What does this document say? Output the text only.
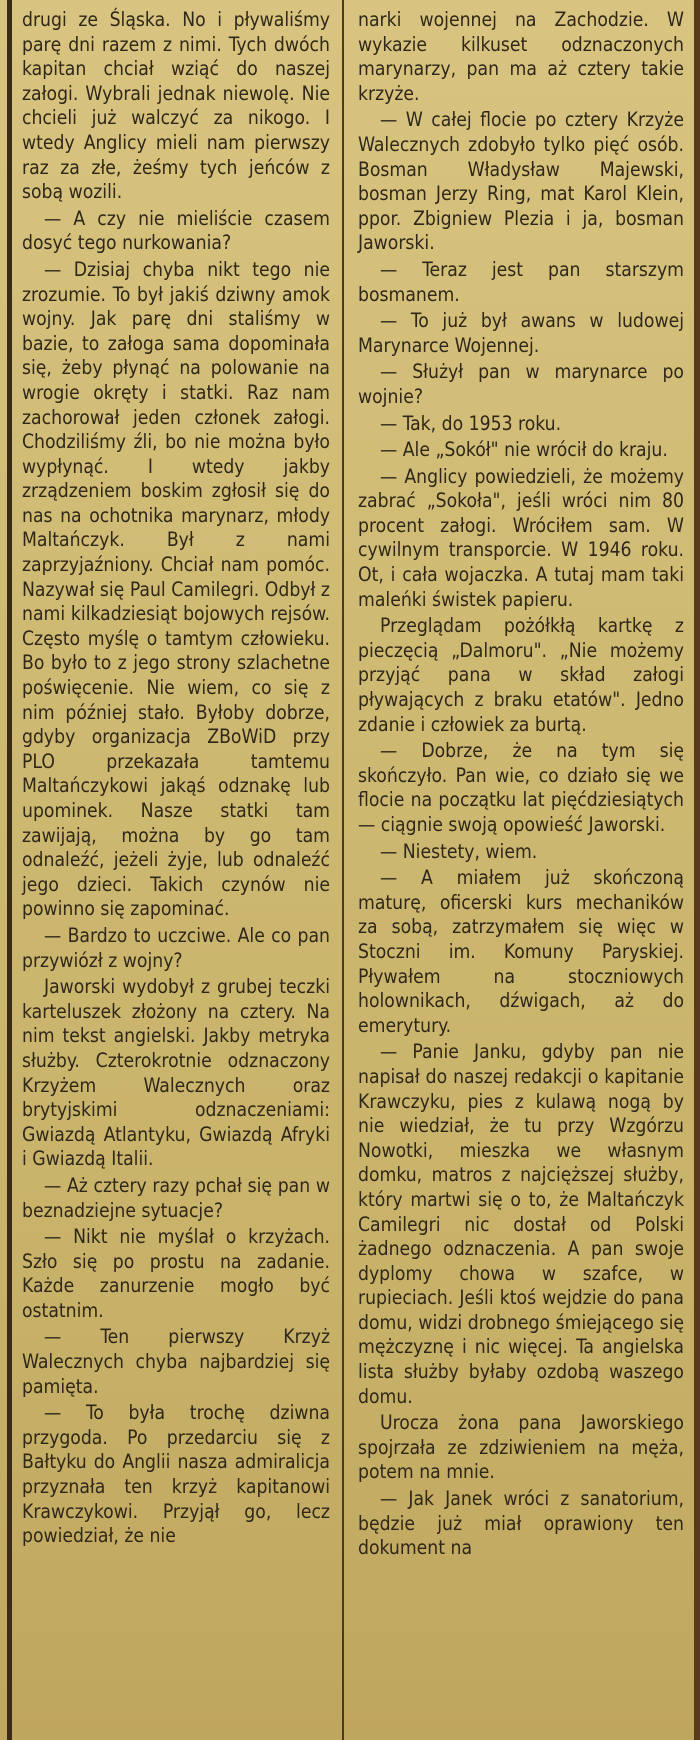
drugi ze Śląska. No i pływaliśmy parę dni razem z nimi. Tych dwóch kapitan chciał wziąć do naszej załogi. Wybrali jednak niewolę. Nie chcieli już walczyć za nikogo. I wtedy Anglicy mieli nam pierwszy raz za złe, żeśmy tych jeńców z sobą wozili.

— A czy nie mieliście czasem dosyć tego nurkowania?

— Dzisiaj chyba nikt tego nie zrozumie. To był jakiś dziwny amok wojny. Jak parę dni staliśmy w bazie, to załoga sama dopominała się, żeby płynąć na polowanie na wrogie okręty i statki. Raz nam zachorował jeden członek załogi. Chodziliśmy źli, bo nie można było wypłynąć. I wtedy jakby zrządzeniem boskim zgłosił się do nas na ochotnika marynarz, młody Maltańczyk. Był z nami zaprzyjaźniony. Chciał nam pomóc. Nazywał się Paul Camilegri. Odbył z nami kilkadziesiąt bojowych rejsów. Często myślę o tamtym człowieku. Bo było to z jego strony szlachetne poświęcenie. Nie wiem, co się z nim później stało. Byłoby dobrze, gdyby organizacja ZBoWiD przy PLO przekazała tamtemu Maltańczykowi jakąś odznakę lub upominek. Nasze statki tam zawijają, można by go tam odnaleźć, jeżeli żyje, lub odnaleźć jego dzieci. Takich czynów nie powinno się zapominać.

— Bardzo to uczciwe. Ale co pan przywiózł z wojny?

Jaworski wydobył z grubej teczki karteluszek złożony na cztery. Na nim tekst angielski. Jakby metryka służby. Czterokrotnie odznaczony Krzyżem Walecznych oraz brytyjskimi odznaczeniami: Gwiazdą Atlantyku, Gwiazdą Afryki i Gwiazdą Italii.

— Aż cztery razy pchał się pan w beznadziejne sytuacje?

— Nikt nie myślał o krzyżach. Szło się po prostu na zadanie. Każde zanurzenie mogło być ostatnim.

— Ten pierwszy Krzyż Walecznych chyba najbardziej się pamięta.

— To była trochę dziwna przygoda. Po przedarciu się z Bałtyku do Anglii nasza admiralicja przyznała ten krzyż kapitanowi Krawczykowi. Przyjął go, lecz powiedział, że nie

narki wojennej na Zachodzie. W wykazie kilkuset odznaczonych marynarzy, pan ma aż cztery takie krzyże.

— W całej flocie po cztery Krzyże Walecznych zdobyło tylko pięć osób. Bosman Władysław Majewski, bosman Jerzy Ring, mat Karol Klein, ppor. Zbigniew Plezia i ja, bosman Jaworski.

— Teraz jest pan starszym bosmanem.

— To już był awans w ludowej Marynarce Wojennej.

— Służył pan w marynarce po wojnie?

— Tak, do 1953 roku.

— Ale „Sokół" nie wrócił do kraju.

— Anglicy powiedzieli, że możemy zabrać „Sokoła", jeśli wróci nim 80 procent załogi. Wróciłem sam. W cywilnym transporcie. W 1946 roku. Ot, i cała wojaczka. A tutaj mam taki maleńki świstek papieru.

Przeglądam pożółkłą kartkę z pieczęcią „Dalmoru". „Nie możemy przyjąć pana w skład załogi pływających z braku etatów". Jedno zdanie i człowiek za burtą.

— Dobrze, że na tym się skończyło. Pan wie, co działo się we flocie na początku lat pięćdziesiątych — ciągnie swoją opowieść Jaworski.

— Niestety, wiem.

— A miałem już skończoną maturę, oficerski kurs mechaników za sobą, zatrzymałem się więc w Stoczni im. Komuny Paryskiej. Pływałem na stoczniowych holownikach, dźwigach, aż do emerytury.

— Panie Janku, gdyby pan nie napisał do naszej redakcji o kapitanie Krawczyku, pies z kulawą nogą by nie wiedział, że tu przy Wzgórzu Nowotki, mieszka we własnym domku, matros z najcięższej służby, który martwi się o to, że Maltańczyk Camilegri nic dostał od Polski żadnego odznaczenia. A pan swoje dyplomy chowa w szafce, w rupieciach. Jeśli ktoś wejdzie do pana domu, widzi drobnego śmiejącego się mężczyznę i nic więcej. Ta angielska lista służby byłaby ozdobą waszego domu.

Urocza żona pana Jaworskiego spojrzała ze zdziwieniem na męża, potem na mnie.

— Jak Janek wróci z sanatorium, będzie już miał oprawiony ten dokument na
